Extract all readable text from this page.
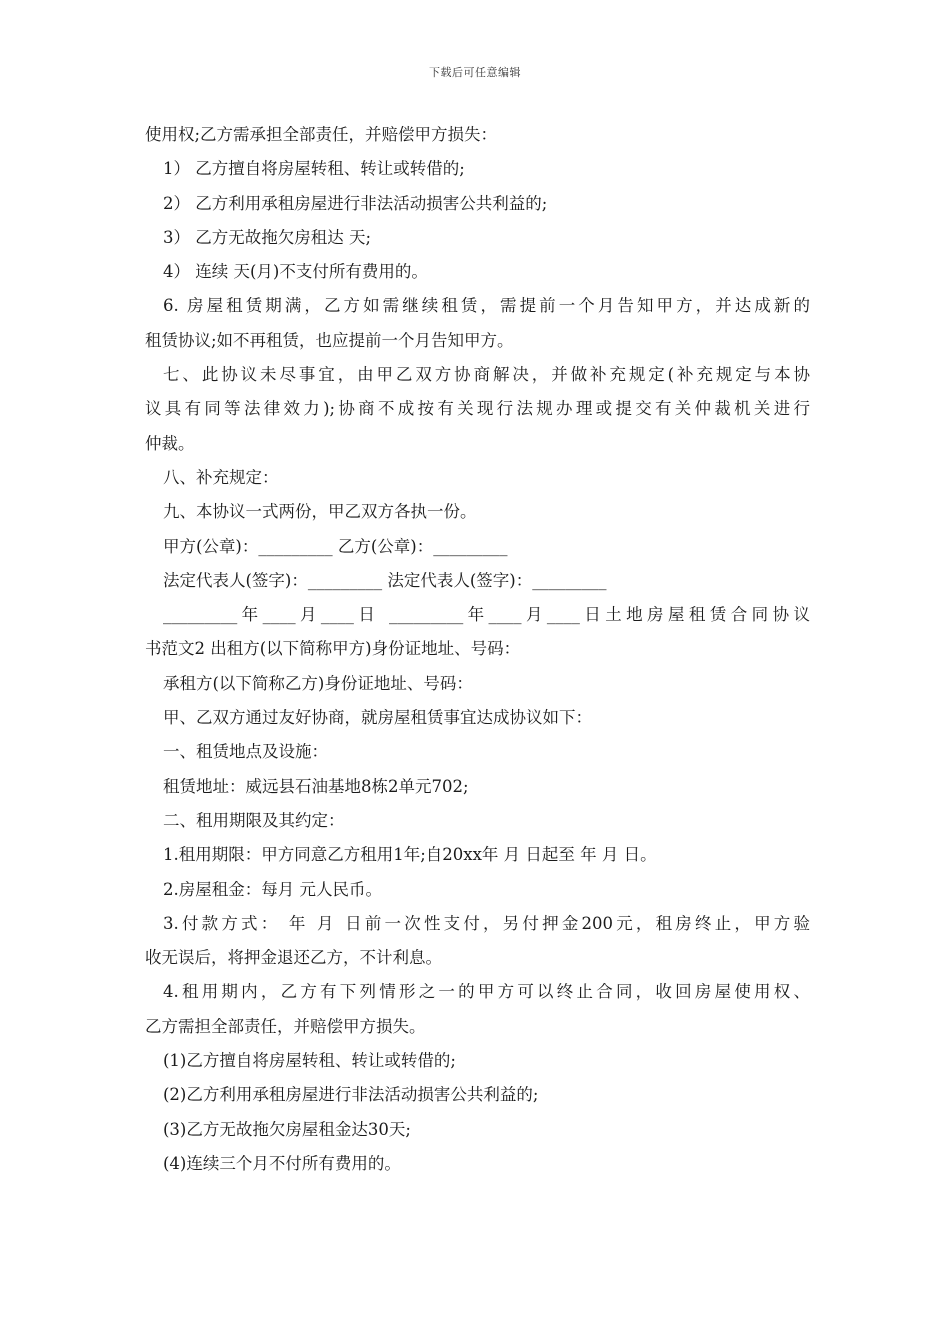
下载后可任意编辑
使用权;乙方需承担全部责任，并赔偿甲方损失：
1） 乙方擅自将房屋转租、转让或转借的;
2） 乙方利用承租房屋进行非法活动损害公共利益的;
3） 乙方无故拖欠房租达 天;
4） 连续 天(月)不支付所有费用的。
6. 房屋租赁期满，乙方如需继续租赁，需提前一个月告知甲方，并达成新的
租赁协议;如不再租赁，也应提前一个月告知甲方。
七、此协议未尽事宜，由甲乙双方协商解决，并做补充规定(补充规定与本协
议具有同等法律效力);协商不成按有关现行法规办理或提交有关仲裁机关进行
仲裁。
八、补充规定：
九、本协议一式两份，甲乙双方各执一份。
甲方(公章)：_________ 乙方(公章)：_________
法定代表人(签字)：_________ 法定代表人(签字)：_________
_________年____月____日 _________年____月____日土地房屋租赁合同协议
书范文2 出租方(以下简称甲方)身份证地址、号码：
承租方(以下简称乙方)身份证地址、号码：
甲、乙双方通过友好协商，就房屋租赁事宜达成协议如下：
一、租赁地点及设施：
租赁地址：威远县石油基地8栋2单元702;
二、租用期限及其约定：
1.租用期限：甲方同意乙方租用1年;自20xx年 月 日起至 年 月 日。
2.房屋租金：每月 元人民币。
3.付款方式： 年 月 日前一次性支付，另付押金200元，租房终止，甲方验
收无误后，将押金退还乙方，不计利息。
4.租用期内，乙方有下列情形之一的甲方可以终止合同，收回房屋使用权、
乙方需担全部责任，并赔偿甲方损失。
(1)乙方擅自将房屋转租、转让或转借的;
(2)乙方利用承租房屋进行非法活动损害公共利益的;
(3)乙方无故拖欠房屋租金达30天;
(4)连续三个月不付所有费用的。
